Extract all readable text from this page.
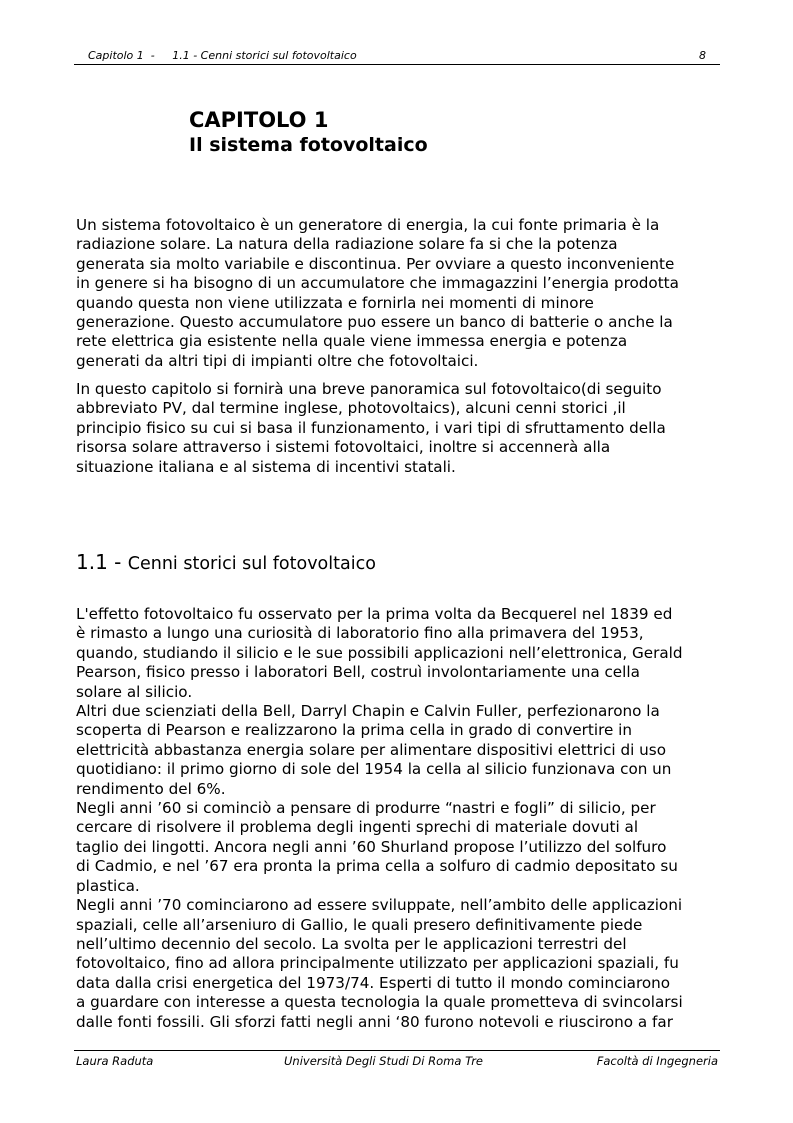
Capitolo 1  -     1.1 - Cenni storici sul fotovoltaico	8
CAPITOLO 1
Il sistema fotovoltaico
Un sistema fotovoltaico è un generatore di energia, la cui fonte primaria è la
radiazione solare. La natura della radiazione solare fa si che la potenza
generata sia molto variabile e discontinua. Per ovviare a questo inconveniente
in genere si ha bisogno di un accumulatore che immagazzini l’energia prodotta
quando questa non viene utilizzata e fornirla nei momenti di minore
generazione. Questo accumulatore puo essere un banco di batterie o anche la
rete elettrica gia esistente nella quale viene immessa energia e potenza
generati da altri tipi di impianti oltre che fotovoltaici.
In questo capitolo si fornirà una breve panoramica sul fotovoltaico(di seguito
abbreviato PV, dal termine inglese, photovoltaics), alcuni cenni storici ,il
principio fisico su cui si basa il funzionamento, i vari tipi di sfruttamento della
risorsa solare attraverso i sistemi fotovoltaici, inoltre si accennerà alla
situazione italiana e al sistema di incentivi statali.
1.1 - Cenni storici sul fotovoltaico
L'effetto fotovoltaico fu osservato per la prima volta da Becquerel nel 1839 ed
è rimasto a lungo una curiosità di laboratorio fino alla primavera del 1953,
quando, studiando il silicio e le sue possibili applicazioni nell’elettronica, Gerald
Pearson, fisico presso i laboratori Bell, costruì involontariamente una cella
solare al silicio.
Altri due scienziati della Bell, Darryl Chapin e Calvin Fuller, perfezionarono la
scoperta di Pearson e realizzarono la prima cella in grado di convertire in
elettricità abbastanza energia solare per alimentare dispositivi elettrici di uso
quotidiano: il primo giorno di sole del 1954 la cella al silicio funzionava con un
rendimento del 6%.
Negli anni ’60 si cominciò a pensare di produrre “nastri e fogli” di silicio, per
cercare di risolvere il problema degli ingenti sprechi di materiale dovuti al
taglio dei lingotti. Ancora negli anni ’60 Shurland propose l’utilizzo del solfuro
di Cadmio, e nel ’67 era pronta la prima cella a solfuro di cadmio depositato su
plastica.
Negli anni ’70 cominciarono ad essere sviluppate, nell’ambito delle applicazioni
spaziali, celle all’arseniuro di Gallio, le quali presero definitivamente piede
nell’ultimo decennio del secolo. La svolta per le applicazioni terrestri del
fotovoltaico, fino ad allora principalmente utilizzato per applicazioni spaziali, fu
data dalla crisi energetica del 1973/74. Esperti di tutto il mondo cominciarono
a guardare con interesse a questa tecnologia la quale prometteva di svincolarsi
dalle fonti fossili. Gli sforzi fatti negli anni ‘80 furono notevoli e riuscirono a far
Laura Raduta	Università Degli Studi Di Roma Tre	Facoltà di Ingegneria
